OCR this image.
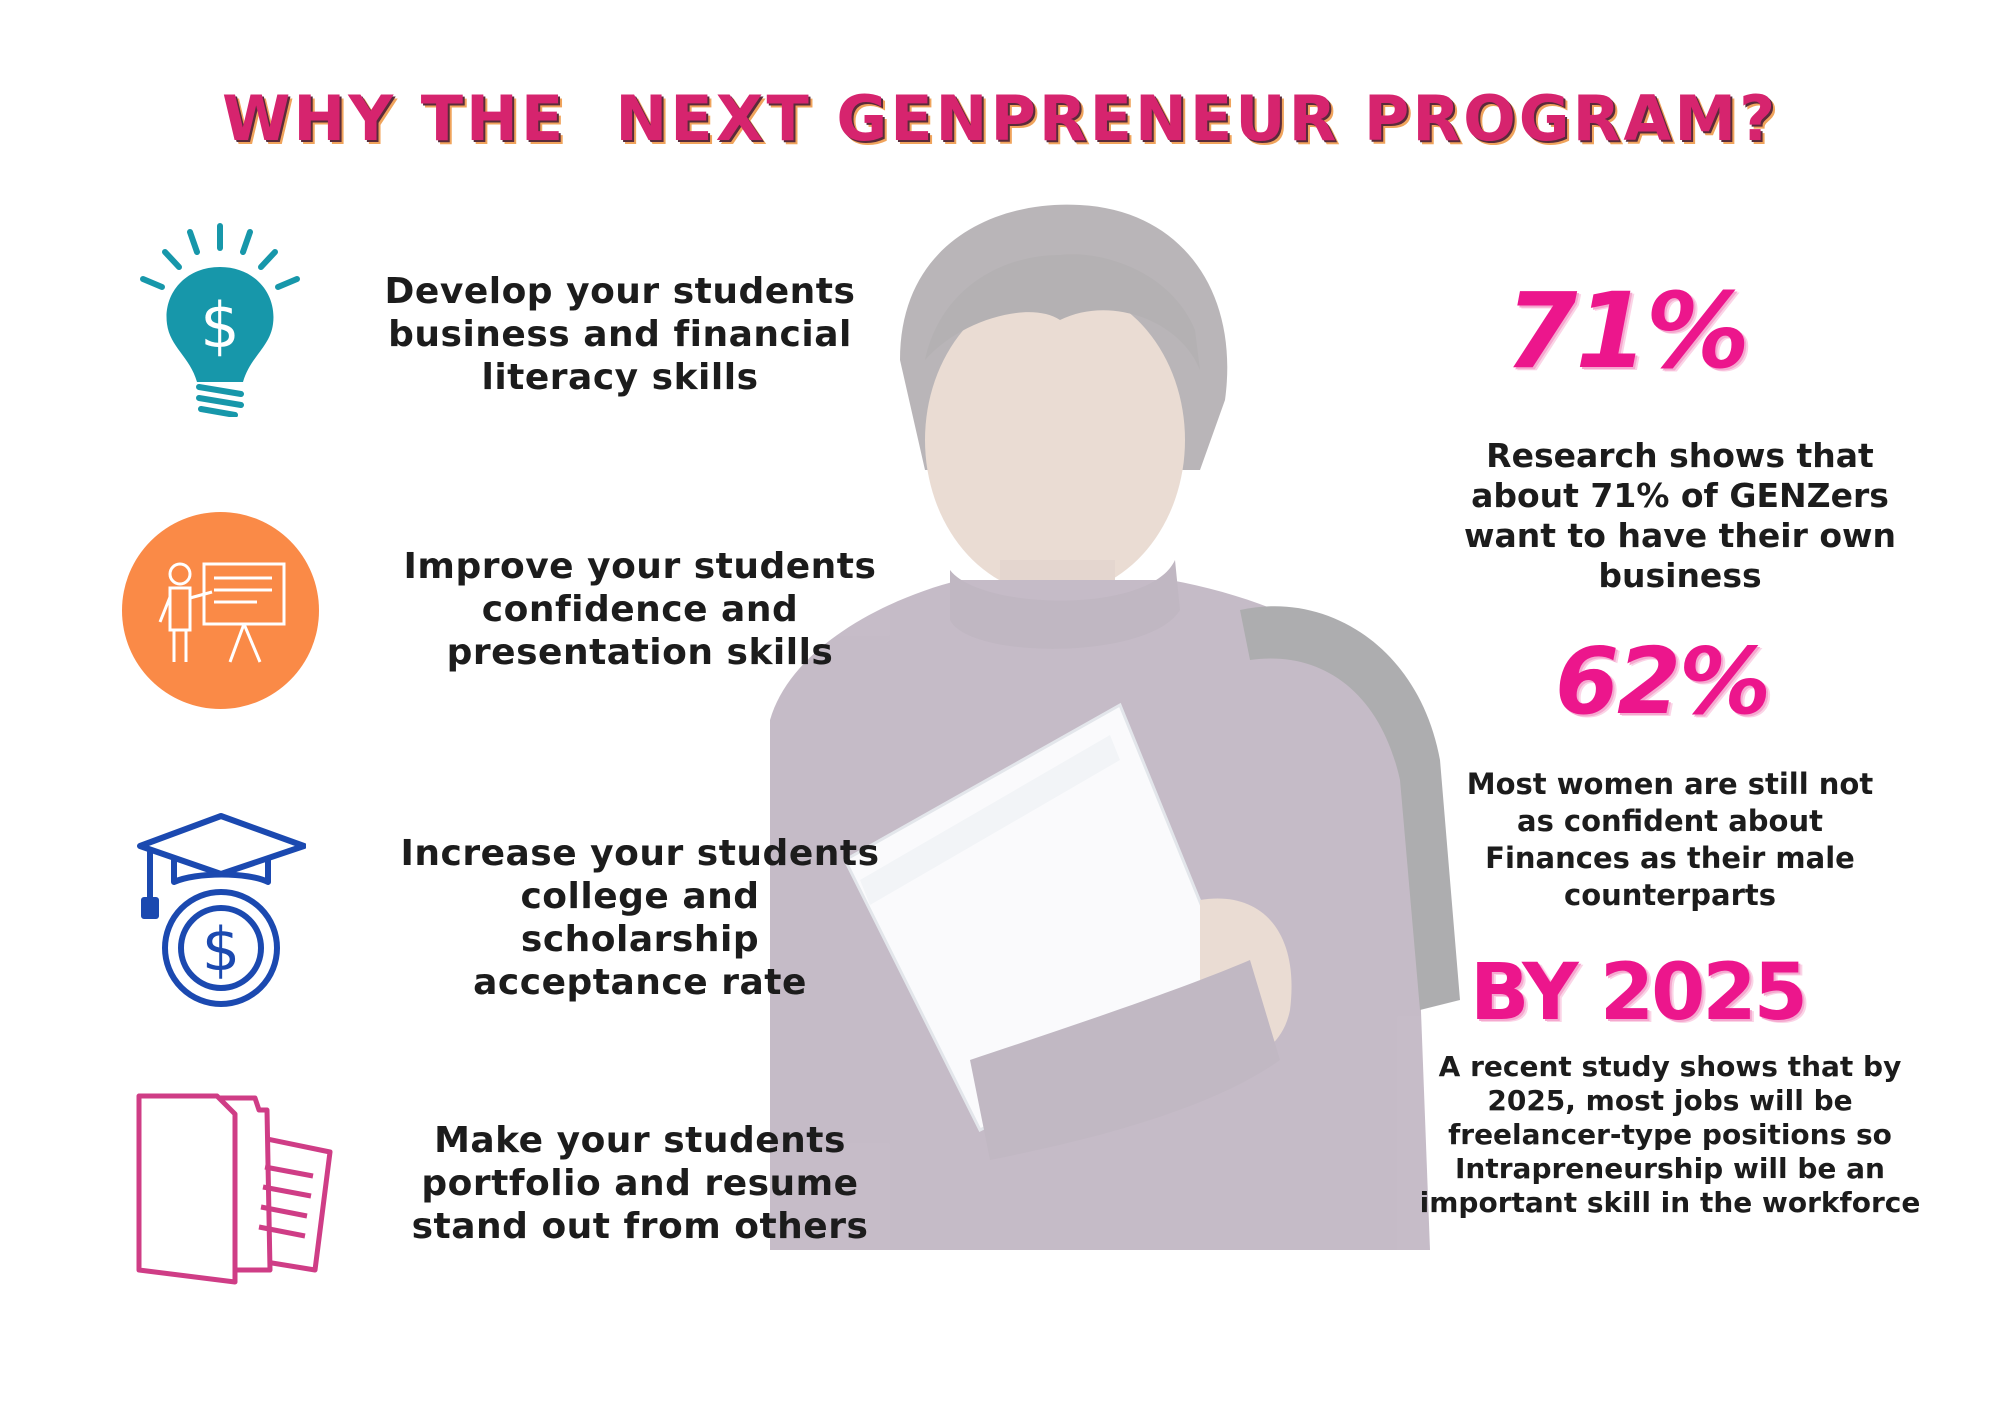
WHY THE  NEXT GENPRENEUR PROGRAM?
$	Develop your students
business and financial
literacy skills
Improve your students
confidence and
presentation skills
$
Increase your students
college and
scholarship
acceptance rate
Make your students
portfolio and resume
stand out from others
71%
Research shows that
about 71% of GENZers
want to have their own
business
62%
Most women are still not
as confident about
Finances as their male
counterparts
BY 2025
A recent study shows that by
2025, most jobs will be
freelancer-type positions so
Intrapreneurship will be an
important skill in the workforce
